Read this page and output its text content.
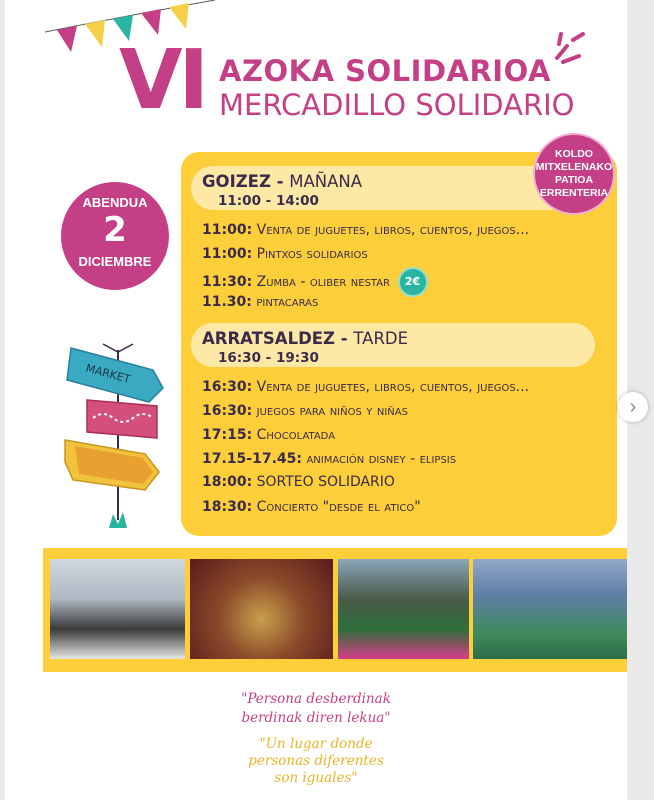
VI AZOKA SOLIDARIOA
MERCADILLO SOLIDARIO
ABENDUA
2
DICIEMBRE
GOIZEZ - MAÑANA
11:00 - 14:00
KOLDO
MITXELENAKO
PATIOA
ERRENTERIA
11:00: Venta de juguetes, libros, cuentos, juegos...
11:00: Pintxos solidarios
11:30: Zumba - oliber nestar 2€
11.30: pintacaras
ARRATSALDEZ - TARDE
16:30 - 19:30
16:30: Venta de juguetes, libros, cuentos, juegos...
16:30: juegos para niños y niñas
17:15: Chocolatada
17.15-17.45: animación disney - elipsis
18:00: SORTEO SOLIDARIO
18:30: Concierto "desde el atico"
MARKET
"Persona desberdinak
berdinak diren lekua"
"Un lugar donde
personas diferentes
son iguales"
›
